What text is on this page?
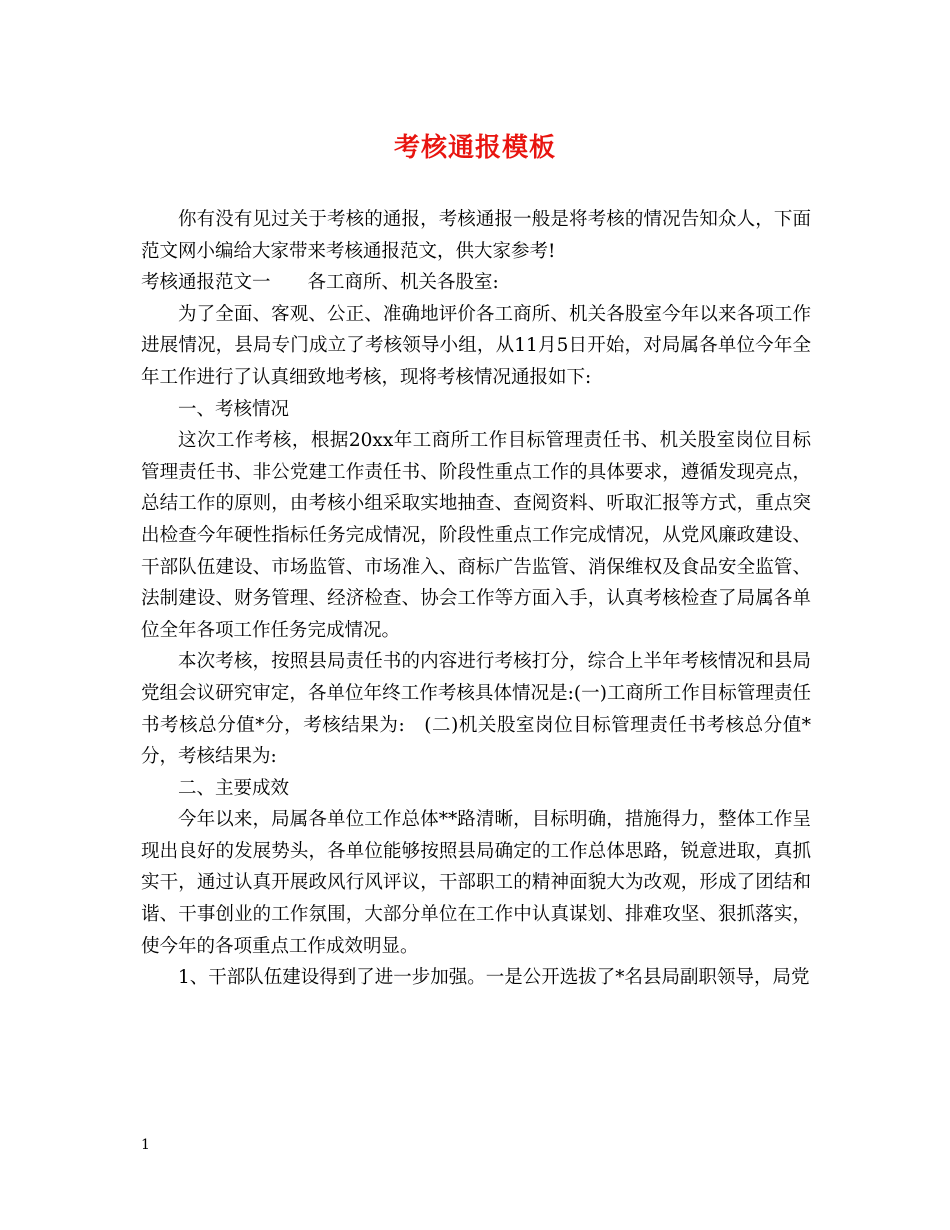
考核通报模板

你有没有见过关于考核的通报，考核通报一般是将考核的情况告知众人，下面范文网小编给大家带来考核通报范文，供大家参考!

考核通报范文一　　各工商所、机关各股室:

为了全面、客观、公正、准确地评价各工商所、机关各股室今年以来各项工作进展情况，县局专门成立了考核领导小组，从11月5日开始，对局属各单位今年全年工作进行了认真细致地考核，现将考核情况通报如下:

一、考核情况

这次工作考核，根据20xx年工商所工作目标管理责任书、机关股室岗位目标管理责任书、非公党建工作责任书、阶段性重点工作的具体要求，遵循发现亮点，总结工作的原则，由考核小组采取实地抽查、查阅资料、听取汇报等方式，重点突出检查今年硬性指标任务完成情况，阶段性重点工作完成情况，从党风廉政建设、干部队伍建设、市场监管、市场准入、商标广告监管、消保维权及食品安全监管、法制建设、财务管理、经济检查、协会工作等方面入手，认真考核检查了局属各单位全年各项工作任务完成情况。

本次考核，按照县局责任书的内容进行考核打分，综合上半年考核情况和县局党组会议研究审定，各单位年终工作考核具体情况是:(一)工商所工作目标管理责任书考核总分值*分，考核结果为:　(二)机关股室岗位目标管理责任书考核总分值*分，考核结果为:

二、主要成效

今年以来，局属各单位工作总体**路清晰，目标明确，措施得力，整体工作呈现出良好的发展势头，各单位能够按照县局确定的工作总体思路，锐意进取，真抓实干，通过认真开展政风行风评议，干部职工的精神面貌大为改观，形成了团结和谐、干事创业的工作氛围，大部分单位在工作中认真谋划、排难攻坚、狠抓落实，使今年的各项重点工作成效明显。

1、干部队伍建设得到了进一步加强。一是公开选拔了*名县局副职领导，局党

1
